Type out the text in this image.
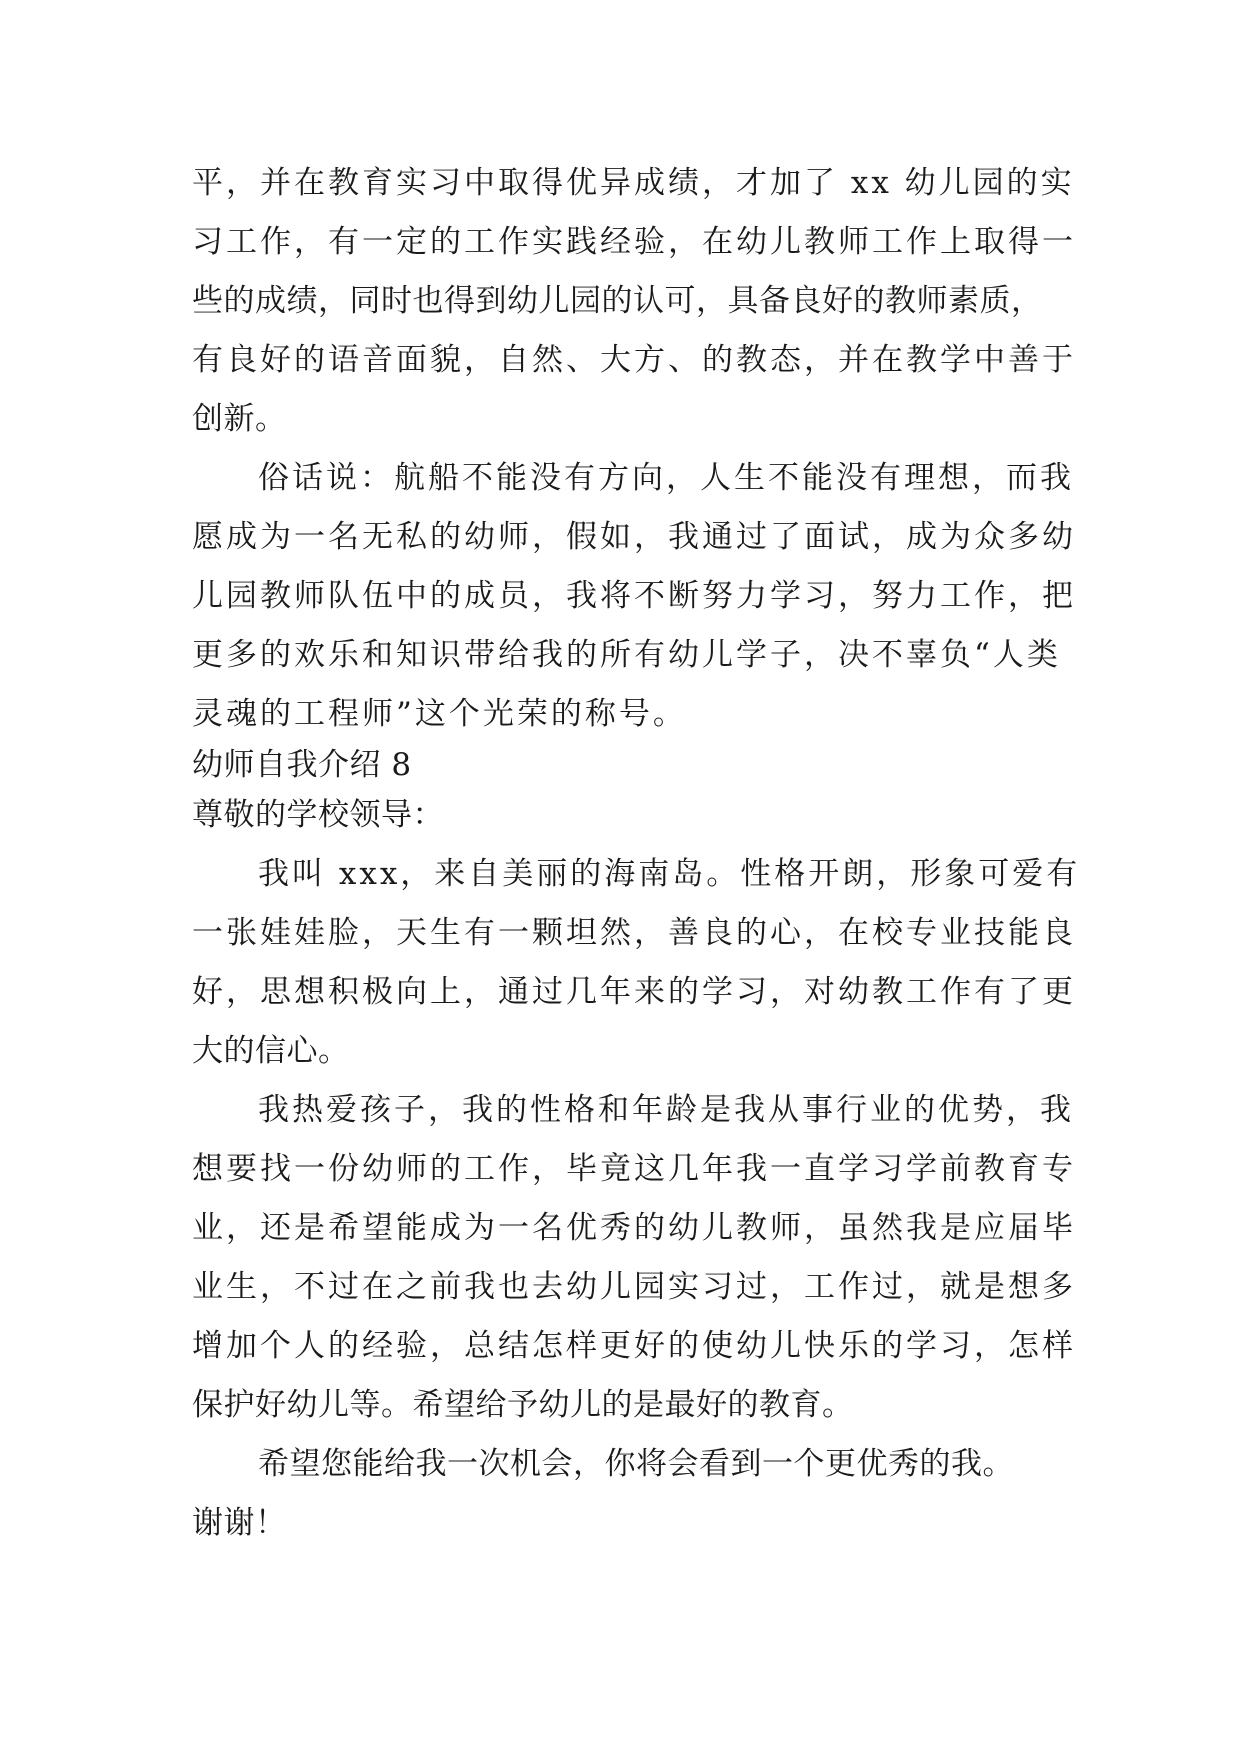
平，并在教育实习中取得优异成绩，才加了 xx 幼儿园的实
习工作，有一定的工作实践经验，在幼儿教师工作上取得一
些的成绩，同时也得到幼儿园的认可，具备良好的教师素质，
有良好的语音面貌，自然、大方、的教态，并在教学中善于
创新。
俗话说：航船不能没有方向，人生不能没有理想，而我
愿成为一名无私的幼师，假如，我通过了面试，成为众多幼
儿园教师队伍中的成员，我将不断努力学习，努力工作，把
更多的欢乐和知识带给我的所有幼儿学子，决不辜负“人类
灵魂的工程师”这个光荣的称号。
幼师自我介绍 8
尊敬的学校领导：
我叫 xxx，来自美丽的海南岛。性格开朗，形象可爱有
一张娃娃脸，天生有一颗坦然，善良的心，在校专业技能良
好，思想积极向上，通过几年来的学习，对幼教工作有了更
大的信心。
我热爱孩子，我的性格和年龄是我从事行业的优势，我
想要找一份幼师的工作，毕竟这几年我一直学习学前教育专
业，还是希望能成为一名优秀的幼儿教师，虽然我是应届毕
业生，不过在之前我也去幼儿园实习过，工作过，就是想多
增加个人的经验，总结怎样更好的使幼儿快乐的学习，怎样
保护好幼儿等。希望给予幼儿的是最好的教育。
希望您能给我一次机会，你将会看到一个更优秀的我。
谢谢！
